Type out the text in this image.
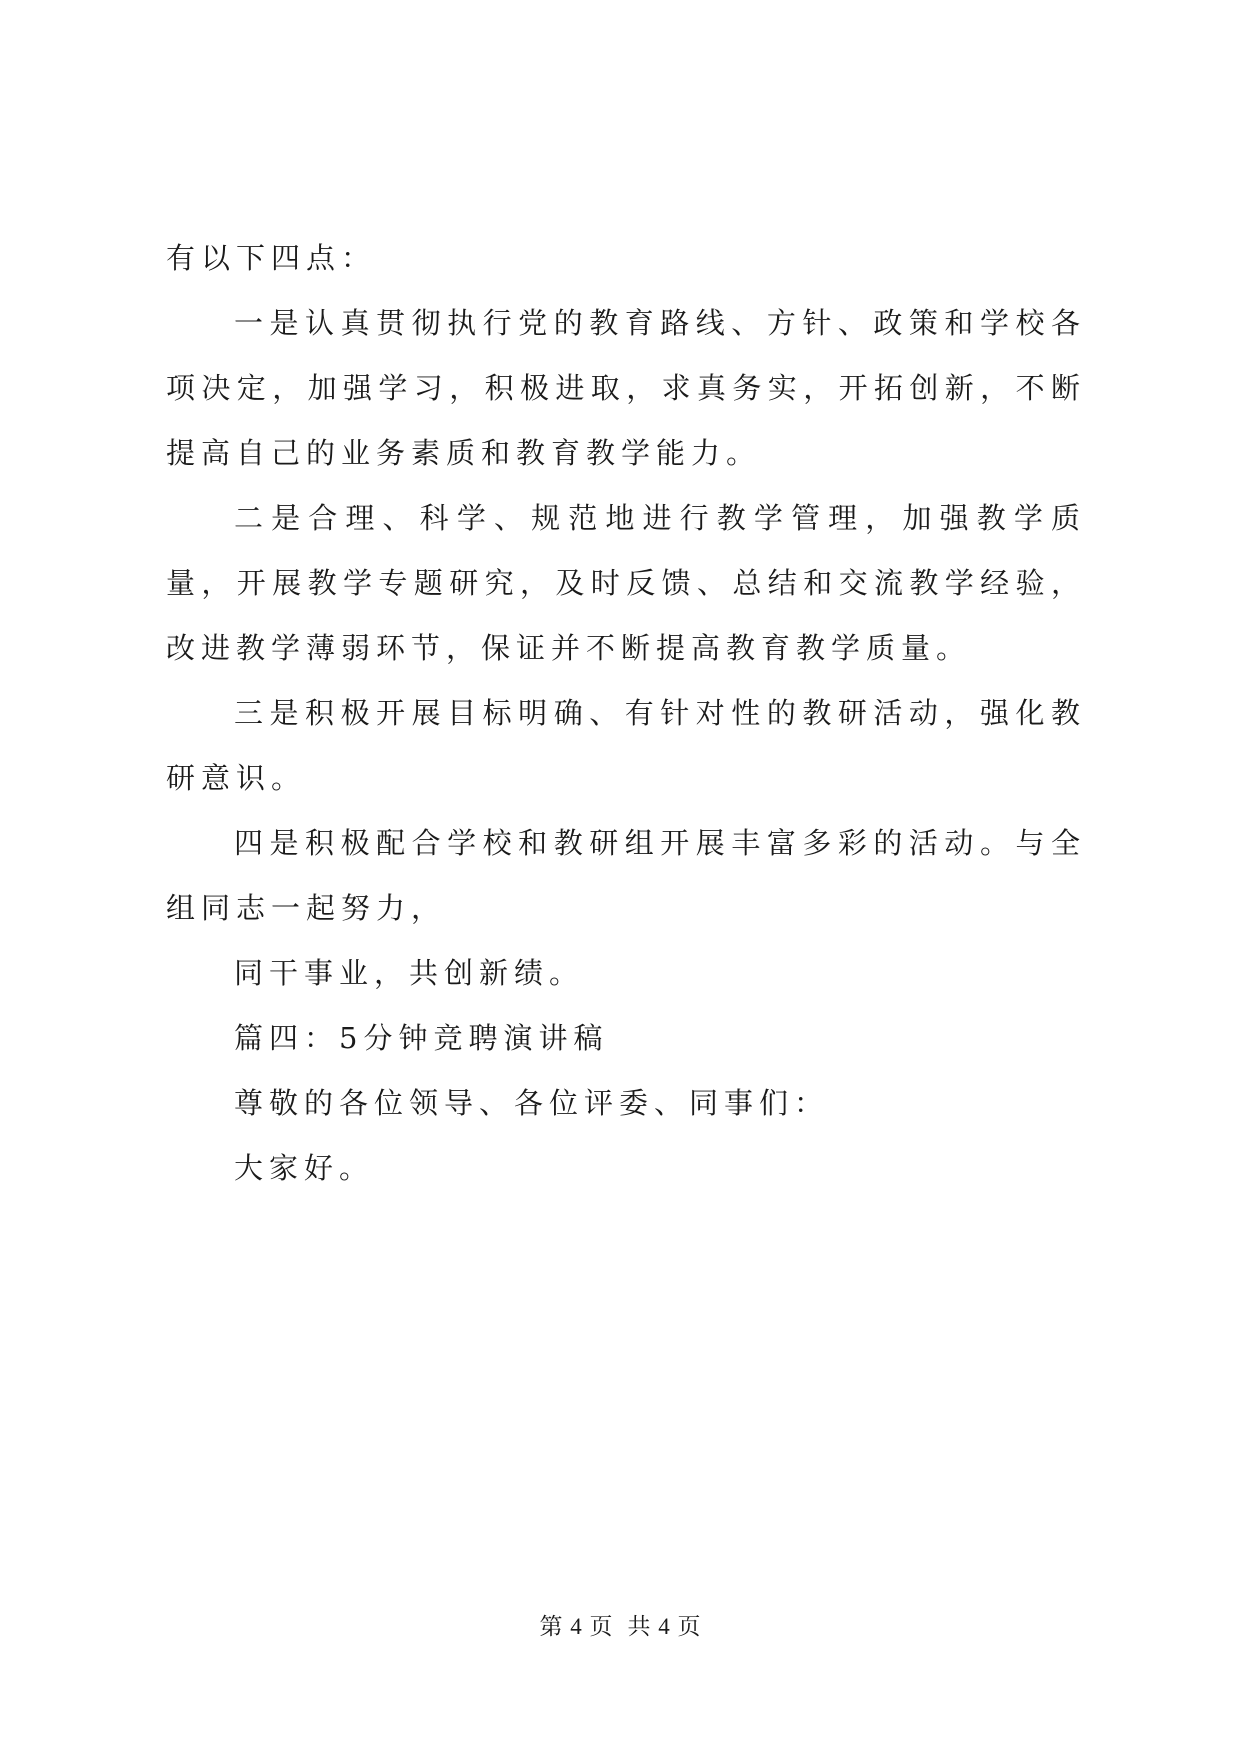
有以下四点：

一是认真贯彻执行党的教育路线、方针、政策和学校各项决定，加强学习，积极进取，求真务实，开拓创新，不断提高自己的业务素质和教育教学能力。

二是合理、科学、规范地进行教学管理，加强教学质量，开展教学专题研究，及时反馈、总结和交流教学经验，改进教学薄弱环节，保证并不断提高教育教学质量。

三是积极开展目标明确、有针对性的教研活动，强化教研意识。

四是积极配合学校和教研组开展丰富多彩的活动。与全组同志一起努力，

同干事业，共创新绩。

篇四：5分钟竞聘演讲稿

尊敬的各位领导、各位评委、同事们：

大家好。

第 4 页 共 4 页
